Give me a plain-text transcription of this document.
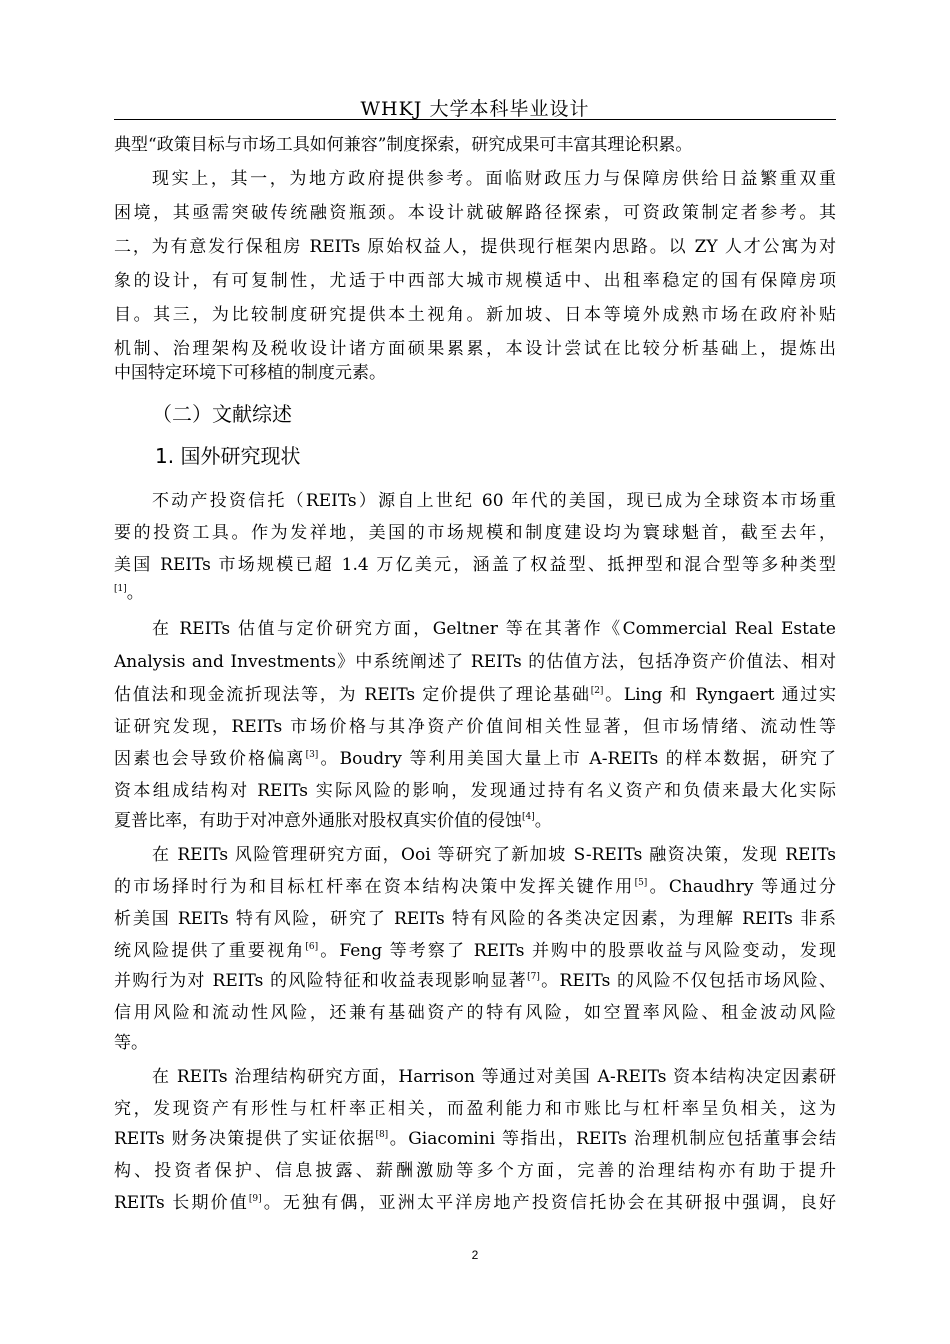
WHKJ 大学本科毕业设计
典型“政策目标与市场工具如何兼容”制度探索，研究成果可丰富其理论积累。
现实上，其一，为地方政府提供参考。面临财政压力与保障房供给日益繁重双重
困境，其亟需突破传统融资瓶颈。本设计就破解路径探索，可资政策制定者参考。其
二，为有意发行保租房 REITs 原始权益人，提供现行框架内思路。以 ZY 人才公寓为对
象的设计，有可复制性，尤适于中西部大城市规模适中、出租率稳定的国有保障房项
目。其三，为比较制度研究提供本土视角。新加坡、日本等境外成熟市场在政府补贴
机制、治理架构及税收设计诸方面硕果累累，本设计尝试在比较分析基础上，提炼出
中国特定环境下可移植的制度元素。
（二）文献综述
1. 国外研究现状
不动产投资信托（REITs）源自上世纪 60 年代的美国，现已成为全球资本市场重
要的投资工具。作为发祥地，美国的市场规模和制度建设均为寰球魁首，截至去年，
美国 REITs 市场规模已超 1.4 万亿美元，涵盖了权益型、抵押型和混合型等多种类型
[1]。
在 REITs 估值与定价研究方面，Geltner 等在其著作《Commercial Real Estate
Analysis and Investments》中系统阐述了 REITs 的估值方法，包括净资产价值法、相对
估值法和现金流折现法等，为 REITs 定价提供了理论基础[2]。Ling 和 Ryngaert 通过实
证研究发现，REITs 市场价格与其净资产价值间相关性显著，但市场情绪、流动性等
因素也会导致价格偏离[3]。Boudry 等利用美国大量上市 A-REITs 的样本数据，研究了
资本组成结构对 REITs 实际风险的影响，发现通过持有名义资产和负债来最大化实际
夏普比率，有助于对冲意外通胀对股权真实价值的侵蚀[4]。
在 REITs 风险管理研究方面，Ooi 等研究了新加坡 S-REITs 融资决策，发现 REITs
的市场择时行为和目标杠杆率在资本结构决策中发挥关键作用[5]。Chaudhry 等通过分
析美国 REITs 特有风险，研究了 REITs 特有风险的各类决定因素，为理解 REITs 非系
统风险提供了重要视角[6]。Feng 等考察了 REITs 并购中的股票收益与风险变动，发现
并购行为对 REITs 的风险特征和收益表现影响显著[7]。REITs 的风险不仅包括市场风险、
信用风险和流动性风险，还兼有基础资产的特有风险，如空置率风险、租金波动风险
等。
在 REITs 治理结构研究方面，Harrison 等通过对美国 A-REITs 资本结构决定因素研
究，发现资产有形性与杠杆率正相关，而盈利能力和市账比与杠杆率呈负相关，这为
REITs 财务决策提供了实证依据[8]。Giacomini 等指出，REITs 治理机制应包括董事会结
构、投资者保护、信息披露、薪酬激励等多个方面，完善的治理结构亦有助于提升
REITs 长期价值[9]。无独有偶，亚洲太平洋房地产投资信托协会在其研报中强调，良好
2
